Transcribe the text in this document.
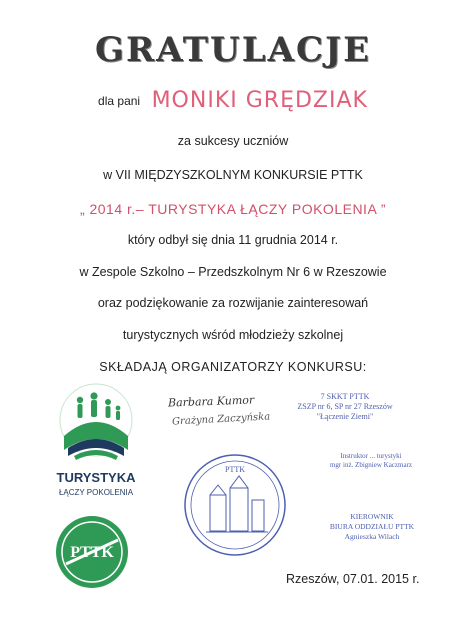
GRATULACJE
dla pani MONIKI GRĘDZIAK
za sukcesy uczniów
w VII MIĘDZYSZKOLNYM KONKURSIE PTTK
„ 2014 r.– TURYSTYKA ŁĄCZY POKOLENIA ”
który odbył się dnia 11 grudnia 2014 r.
w Zespole Szkolno – Przedszkolnym Nr 6 w Rzeszowie
oraz podziękowanie za rozwijanie zainteresowań
turystycznych wśród młodzieży szkolnej
SKŁADAJĄ ORGANIZATORZY KONKURSU:
Barbara Kumor
Grażyna Zaczyńska
TURYSTYKA
ŁĄCZY POKOLENIA
PTTK
PTTK
7 SKKT PTTK
ZSZP nr 6, SP nr 27 Rzeszów
"Łączenie Ziemi"
Instruktor ... turystyki
mgr inż. Zbigniew Kaczmarz
KIEROWNIK
BIURA ODDZIAŁU PTTK
Agnieszka Wilach
Rzeszów, 07.01. 2015 r.
